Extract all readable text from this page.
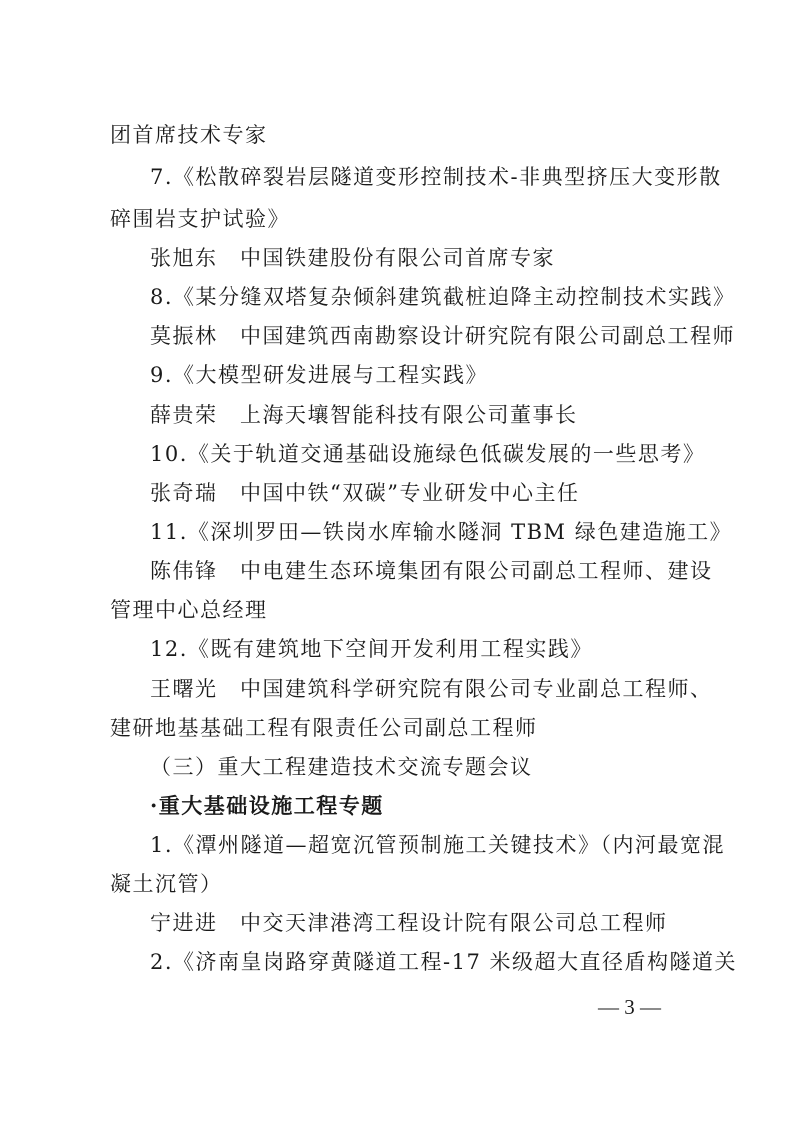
团首席技术专家
7.《松散碎裂岩层隧道变形控制技术-非典型挤压大变形散
碎围岩支护试验》
张旭东　中国铁建股份有限公司首席专家
8.《某分缝双塔复杂倾斜建筑截桩迫降主动控制技术实践》
莫振林　中国建筑西南勘察设计研究院有限公司副总工程师
9.《大模型研发进展与工程实践》
薛贵荣　上海天壤智能科技有限公司董事长
10.《关于轨道交通基础设施绿色低碳发展的一些思考》
张奇瑞　中国中铁“双碳”专业研发中心主任
11.《深圳罗田—铁岗水库输水隧洞 TBM 绿色建造施工》
陈伟锋　中电建生态环境集团有限公司副总工程师、建设
管理中心总经理
12.《既有建筑地下空间开发利用工程实践》
王曙光　中国建筑科学研究院有限公司专业副总工程师、
建研地基基础工程有限责任公司副总工程师
（三）重大工程建造技术交流专题会议
·重大基础设施工程专题
1.《潭州隧道—超宽沉管预制施工关键技术》（内河最宽混
凝土沉管）
宁进进　中交天津港湾工程设计院有限公司总工程师
2.《济南皇岗路穿黄隧道工程-17 米级超大直径盾构隧道关
— 3 —
